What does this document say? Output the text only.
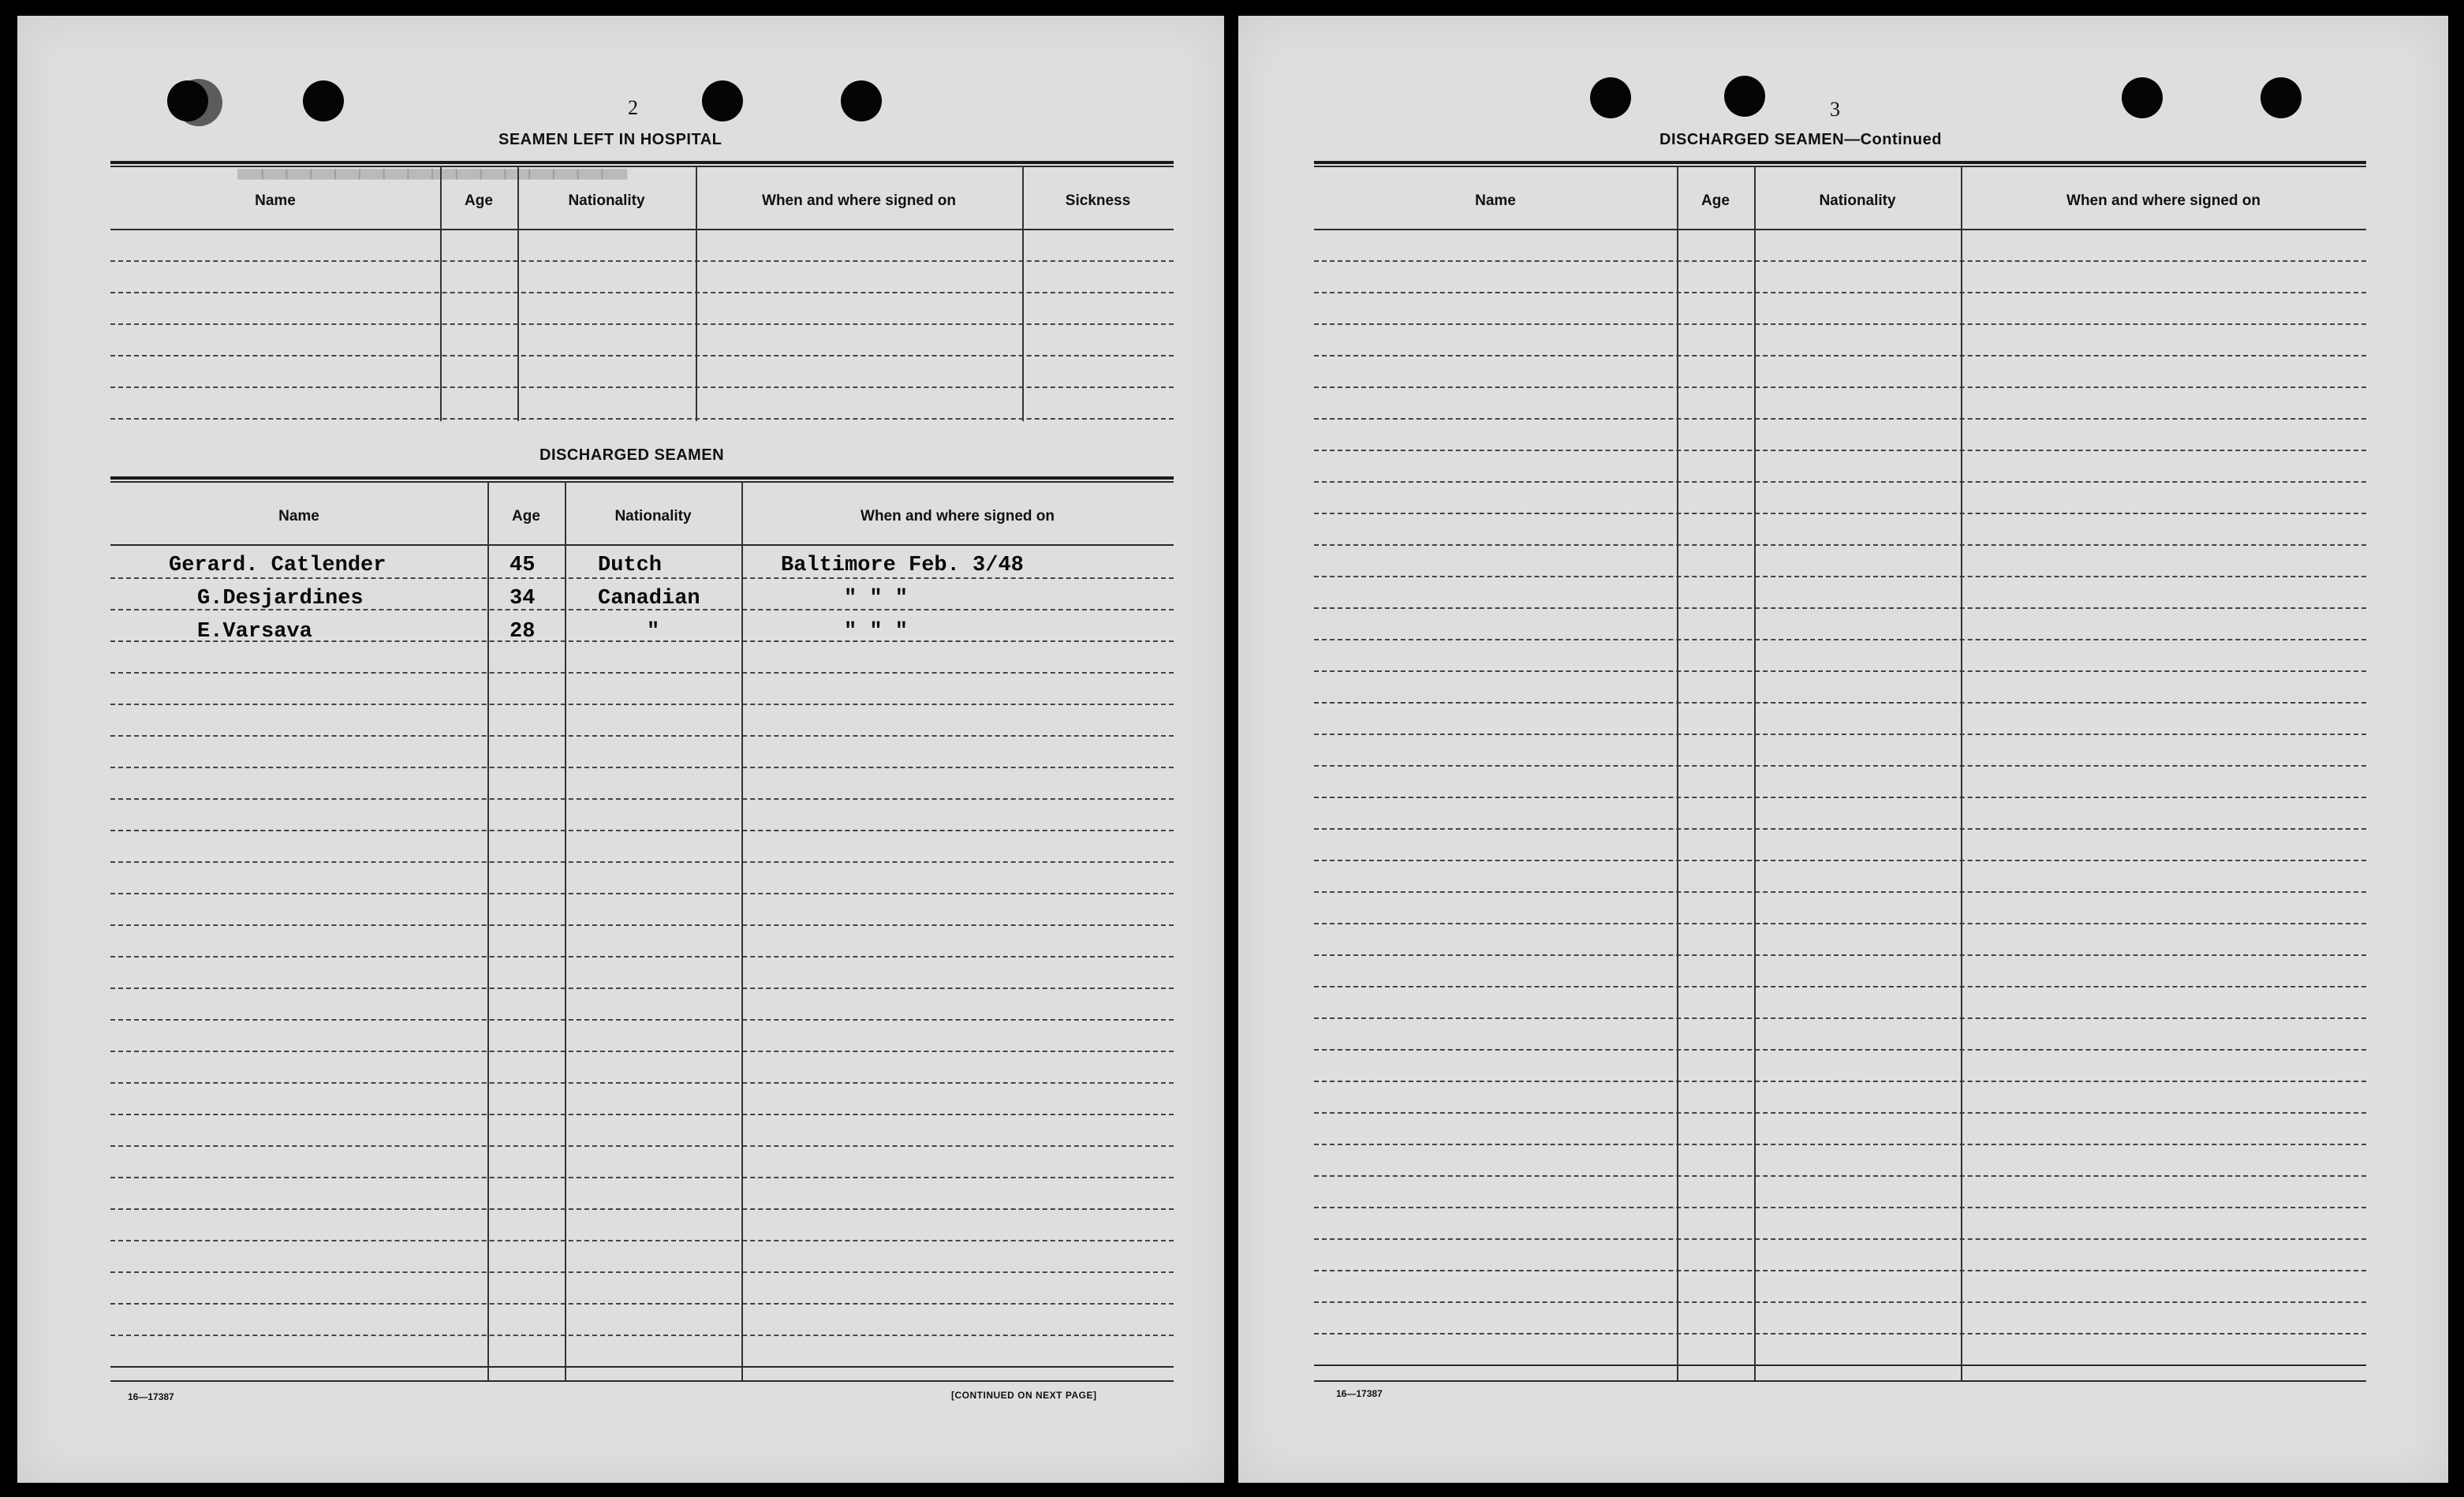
2
SEAMEN LEFT IN HOSPITAL
Name	Age	Nationality	When and where signed on	Sickness
DISCHARGED SEAMEN
Name	Age	Nationality	When and where signed on
Gerard. Catlender	45	Dutch	Baltimore Feb. 3/48
G.Desjardines	34	Canadian	" " "
E.Varsava	28	"	" " "
16—17387	[CONTINUED ON NEXT PAGE]
3
DISCHARGED SEAMEN—Continued
Name	Age	Nationality	When and where signed on
16—17387
